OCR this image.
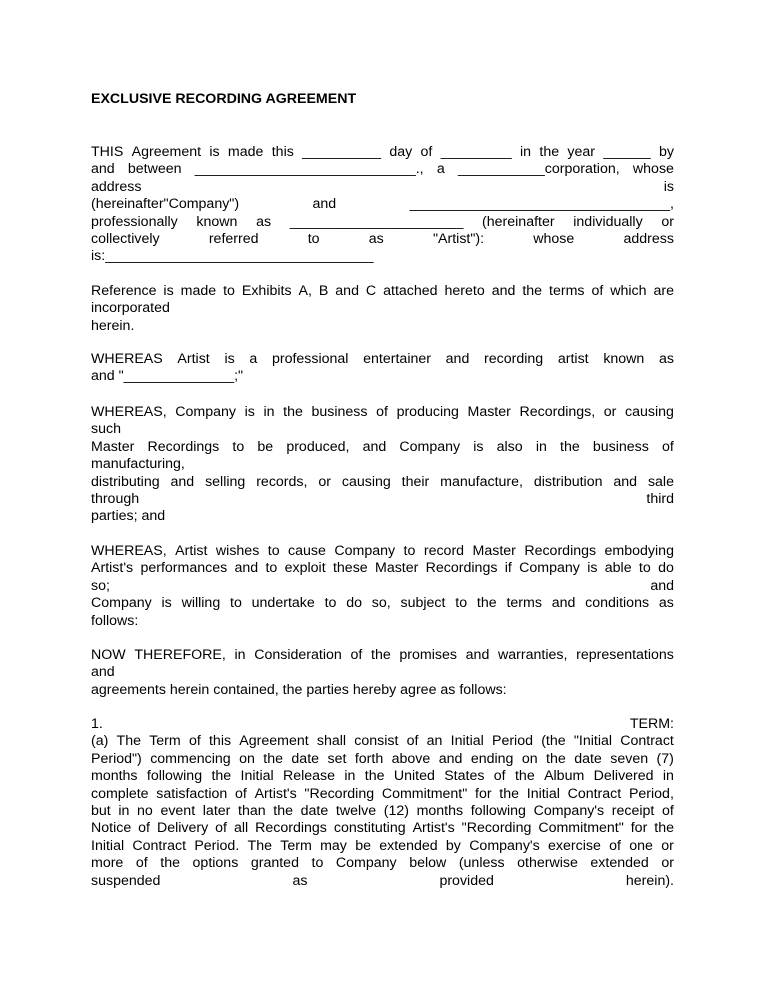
EXCLUSIVE RECORDING AGREEMENT
THIS Agreement is made this __________ day of _________ in the year ______ by
and between ____________________________., a ___________corporation, whose
address	is
(hereinafter"Company")	and	_________________________________,
professionally known as ______________________ (hereinafter individually or
collectively	referred	to	as	"Artist"):	whose	address
is:__________________________________
Reference is made to Exhibits A, B and C attached hereto and the terms of which are
incorporated
herein.
WHEREAS Artist is a professional entertainer and recording artist known as
and "______________;"
WHEREAS, Company is in the business of producing Master Recordings, or causing
such
Master Recordings to be produced, and Company is also in the business of
manufacturing,
distributing and selling records, or causing their manufacture, distribution and sale
through	third
parties; and
WHEREAS, Artist wishes to cause Company to record Master Recordings embodying
Artist's performances and to exploit these Master Recordings if Company is able to do
so;	and
Company is willing to undertake to do so, subject to the terms and conditions as
follows:
NOW THEREFORE, in Consideration of the promises and warranties, representations
and
agreements herein contained, the parties hereby agree as follows:
1.	TERM:
(a) The Term of this Agreement shall consist of an Initial Period (the "Initial Contract
Period") commencing on the date set forth above and ending on the date seven (7)
months following the Initial Release in the United States of the Album Delivered in
complete satisfaction of Artist's "Recording Commitment" for the Initial Contract Period,
but in no event later than the date twelve (12) months following Company's receipt of
Notice of Delivery of all Recordings constituting Artist's "Recording Commitment" for the
Initial Contract Period. The Term may be extended by Company's exercise of one or
more of the options granted to Company below (unless otherwise extended or
suspended	as	provided	herein).
